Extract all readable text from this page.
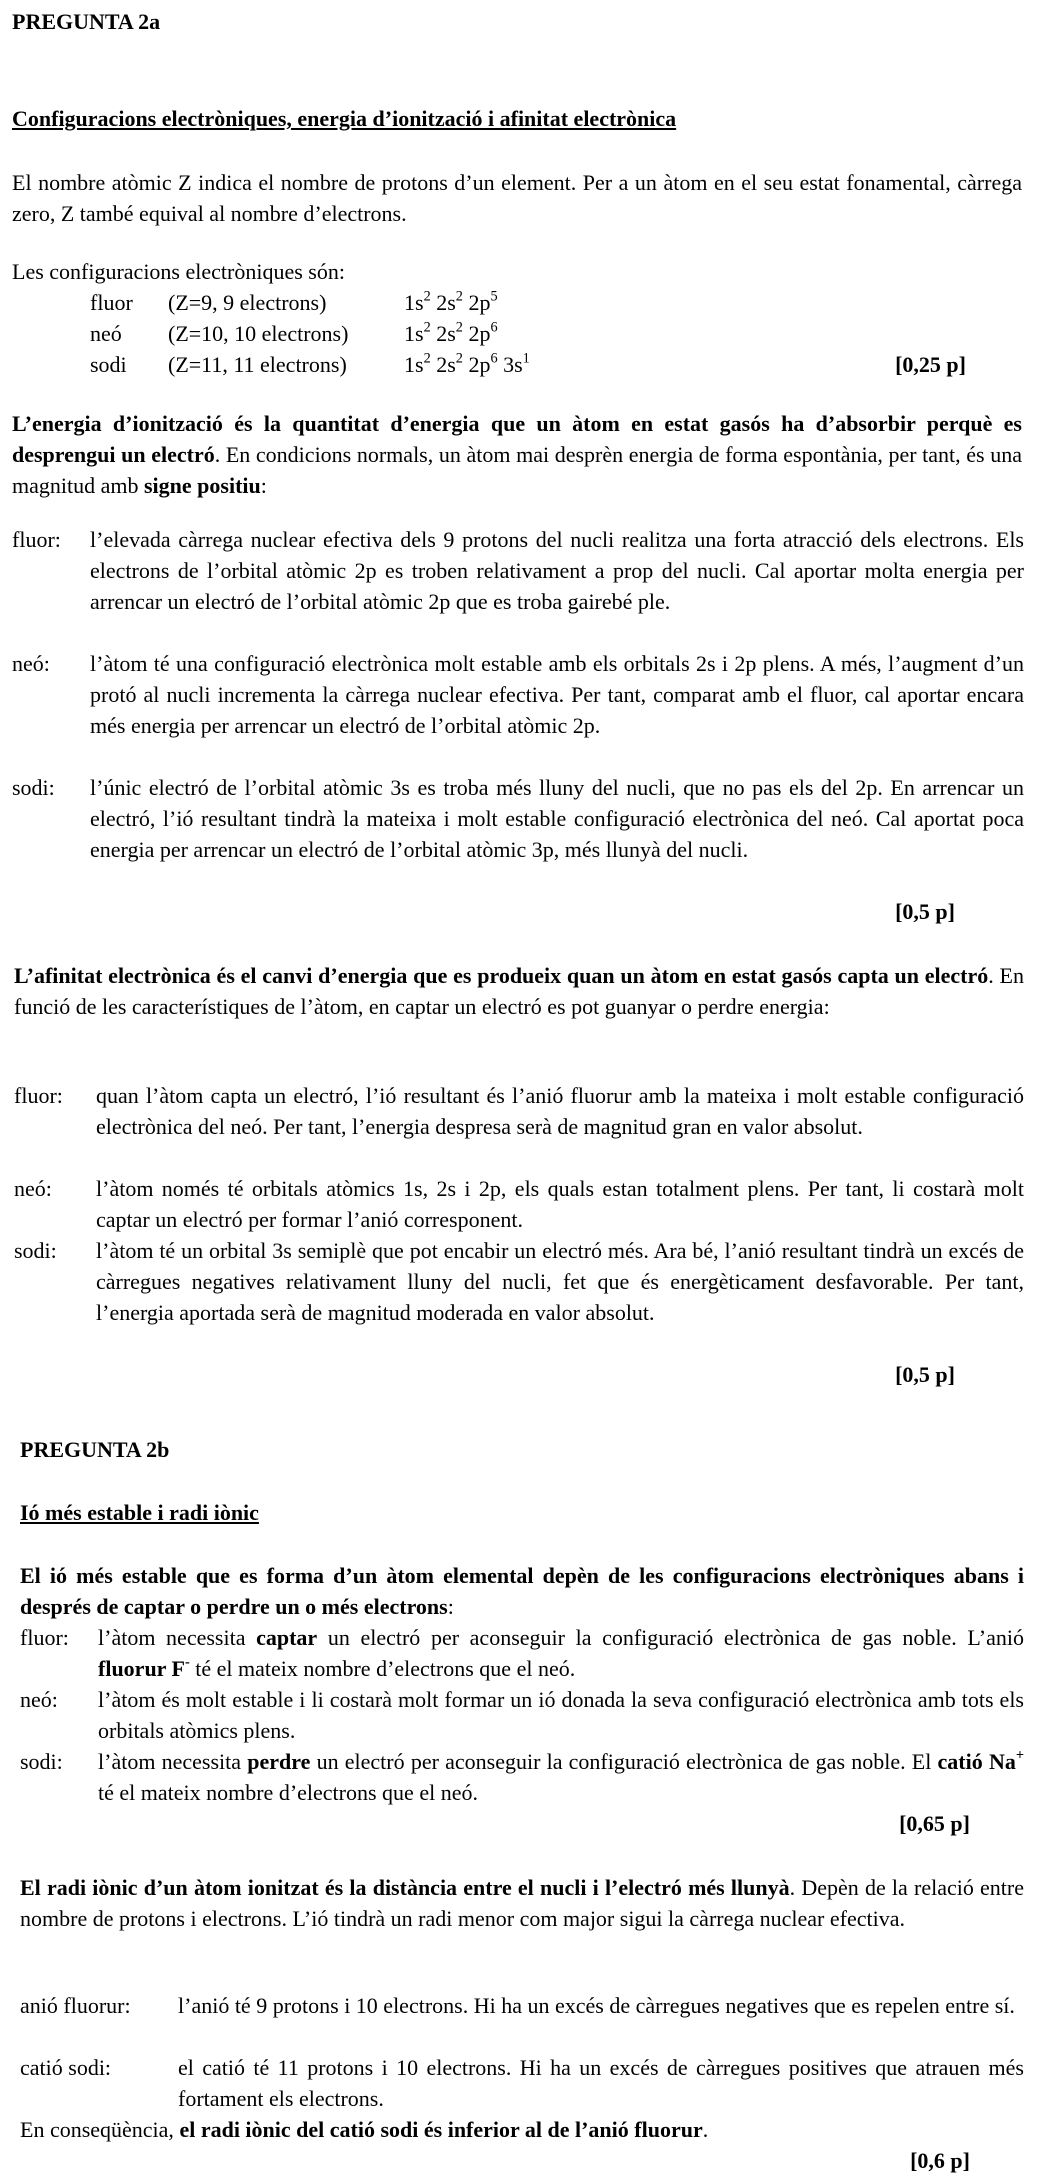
PREGUNTA 2a
Configuracions electròniques, energia d’ionització i afinitat electrònica
El nombre atòmic Z indica el nombre de protons d’un element. Per a un àtom en el seu estat fonamental, càrrega zero, Z també equival al nombre d’electrons.
Les configuracions electròniques són:
fluor (Z=9, 9 electrons)	$1s^2$ $2s^2$ $2p^5$
neó (Z=10, 10 electrons)	$1s^2$ $2s^2$ $2p^6$
sodi (Z=11, 11 electrons)	$1s^2$ $2s^2$ $2p^6$ $3s^1$	[0,25 p]
L’energia d’ionització és la quantitat d’energia que un àtom en estat gasós ha d’absorbir perquè es desprengui un electró. En condicions normals, un àtom mai desprèn energia de forma espontània, per tant, és una magnitud amb signe positiu:
fluor: l’elevada càrrega nuclear efectiva dels 9 protons del nucli realitza una forta atracció dels electrons. Els electrons de l’orbital atòmic 2p es troben relativament a prop del nucli. Cal aportar molta energia per arrencar un electró de l’orbital atòmic 2p que es troba gairebé ple.
neó: l’àtom té una configuració electrònica molt estable amb els orbitals 2s i 2p plens. A més, l’augment d’un protó al nucli incrementa la càrrega nuclear efectiva. Per tant, comparat amb el fluor, cal aportar encara més energia per arrencar un electró de l’orbital atòmic 2p.
sodi: l’únic electró de l’orbital atòmic 3s es troba més lluny del nucli, que no pas els del 2p. En arrencar un electró, l’ió resultant tindrà la mateixa i molt estable configuració electrònica del neó. Cal aportat poca energia per arrencar un electró de l’orbital atòmic 3p, més llunyà del nucli.
[0,5 p]
L’afinitat electrònica és el canvi d’energia que es produeix quan un àtom en estat gasós capta un electró. En funció de les característiques de l’àtom, en captar un electró es pot guanyar o perdre energia:
fluor: quan l’àtom capta un electró, l’ió resultant és l’anió fluorur amb la mateixa i molt estable configuració electrònica del neó. Per tant, l’energia despresa serà de magnitud gran en valor absolut.
neó: l’àtom només té orbitals atòmics 1s, 2s i 2p, els quals estan totalment plens. Per tant, li costarà molt captar un electró per formar l’anió corresponent.
sodi: l’àtom té un orbital 3s semiplè que pot encabir un electró més. Ara bé, l’anió resultant tindrà un excés de càrregues negatives relativament lluny del nucli, fet que és energèticament desfavorable. Per tant, l’energia aportada serà de magnitud moderada en valor absolut.
[0,5 p]
PREGUNTA 2b
Ió més estable i radi iònic
El ió més estable que es forma d’un àtom elemental depèn de les configuracions electròniques abans i després de captar o perdre un o més electrons:
fluor: l’àtom necessita captar un electró per aconseguir la configuració electrònica de gas noble. L’anió fluorur F- té el mateix nombre d’electrons que el neó.
neó: l’àtom és molt estable i li costarà molt formar un ió donada la seva configuració electrònica amb tots els orbitals atòmics plens.
sodi: l’àtom necessita perdre un electró per aconseguir la configuració electrònica de gas noble. El catió Na+ té el mateix nombre d’electrons que el neó.
[0,65 p]
El radi iònic d’un àtom ionitzat és la distància entre el nucli i l’electró més llunyà. Depèn de la relació entre nombre de protons i electrons. L’ió tindrà un radi menor com major sigui la càrrega nuclear efectiva.
anió fluorur: l’anió té 9 protons i 10 electrons. Hi ha un excés de càrregues negatives que es repelen entre sí.
catió sodi:	el catió té 11 protons i 10 electrons. Hi ha un excés de càrregues positives que atrauen més fortament els electrons.
En conseqüència, el radi iònic del catió sodi és inferior al de l’anió fluorur.
[0,6 p]
